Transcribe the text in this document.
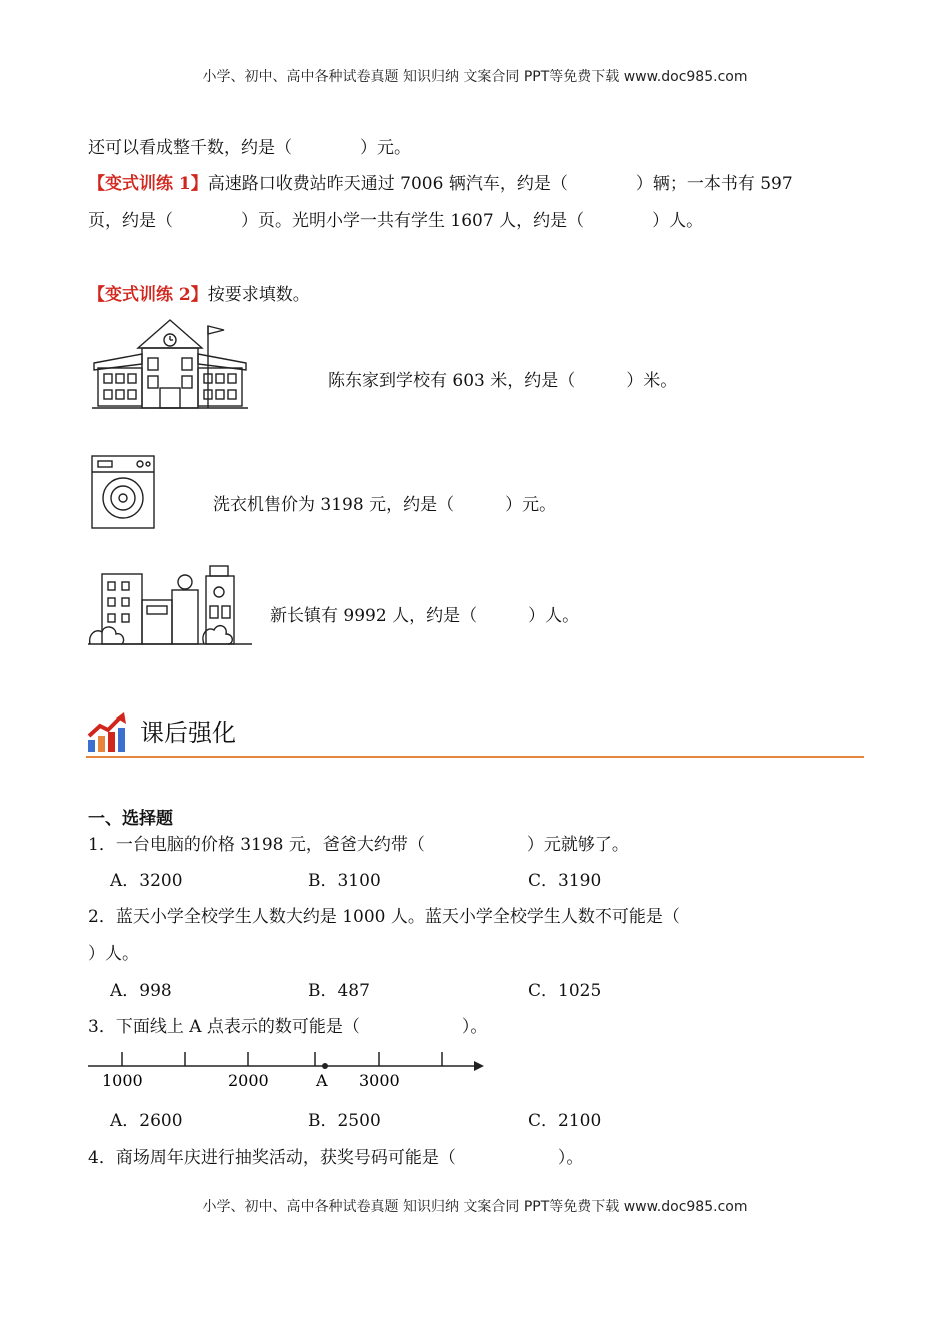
小学、初中、高中各种试卷真题 知识归纳 文案合同 PPT等免费下载 www.doc985.com
小学、初中、高中各种试卷真题 知识归纳 文案合同 PPT等免费下载 www.doc985.com
还可以看成整千数，约是（　　　　）元。
【变式训练 1】高速路口收费站昨天通过 7006 辆汽车，约是（　　　　）辆；一本书有 597
页，约是（　　　　）页。光明小学一共有学生 1607 人，约是（　　　　）人。
【变式训练 2】按要求填数。
陈东家到学校有 603 米，约是（　　　）米。
洗衣机售价为 3198 元，约是（　　　）元。
新长镇有 9992 人，约是（　　　）人。
课后强化
一、选择题
1．一台电脑的价格 3198 元，爸爸大约带（　　　　　　）元就够了。
A．3200	B．3100	C．3190
2．蓝天小学全校学生人数大约是 1000 人。蓝天小学全校学生人数不可能是（
）人。
A．998	B．487	C．1025
3．下面线上 A 点表示的数可能是（　　　　　　）。
1000	2000	A 3000
A．2600	B．2500	C．2100
4．商场周年庆进行抽奖活动，获奖号码可能是（　　　　　　）。
